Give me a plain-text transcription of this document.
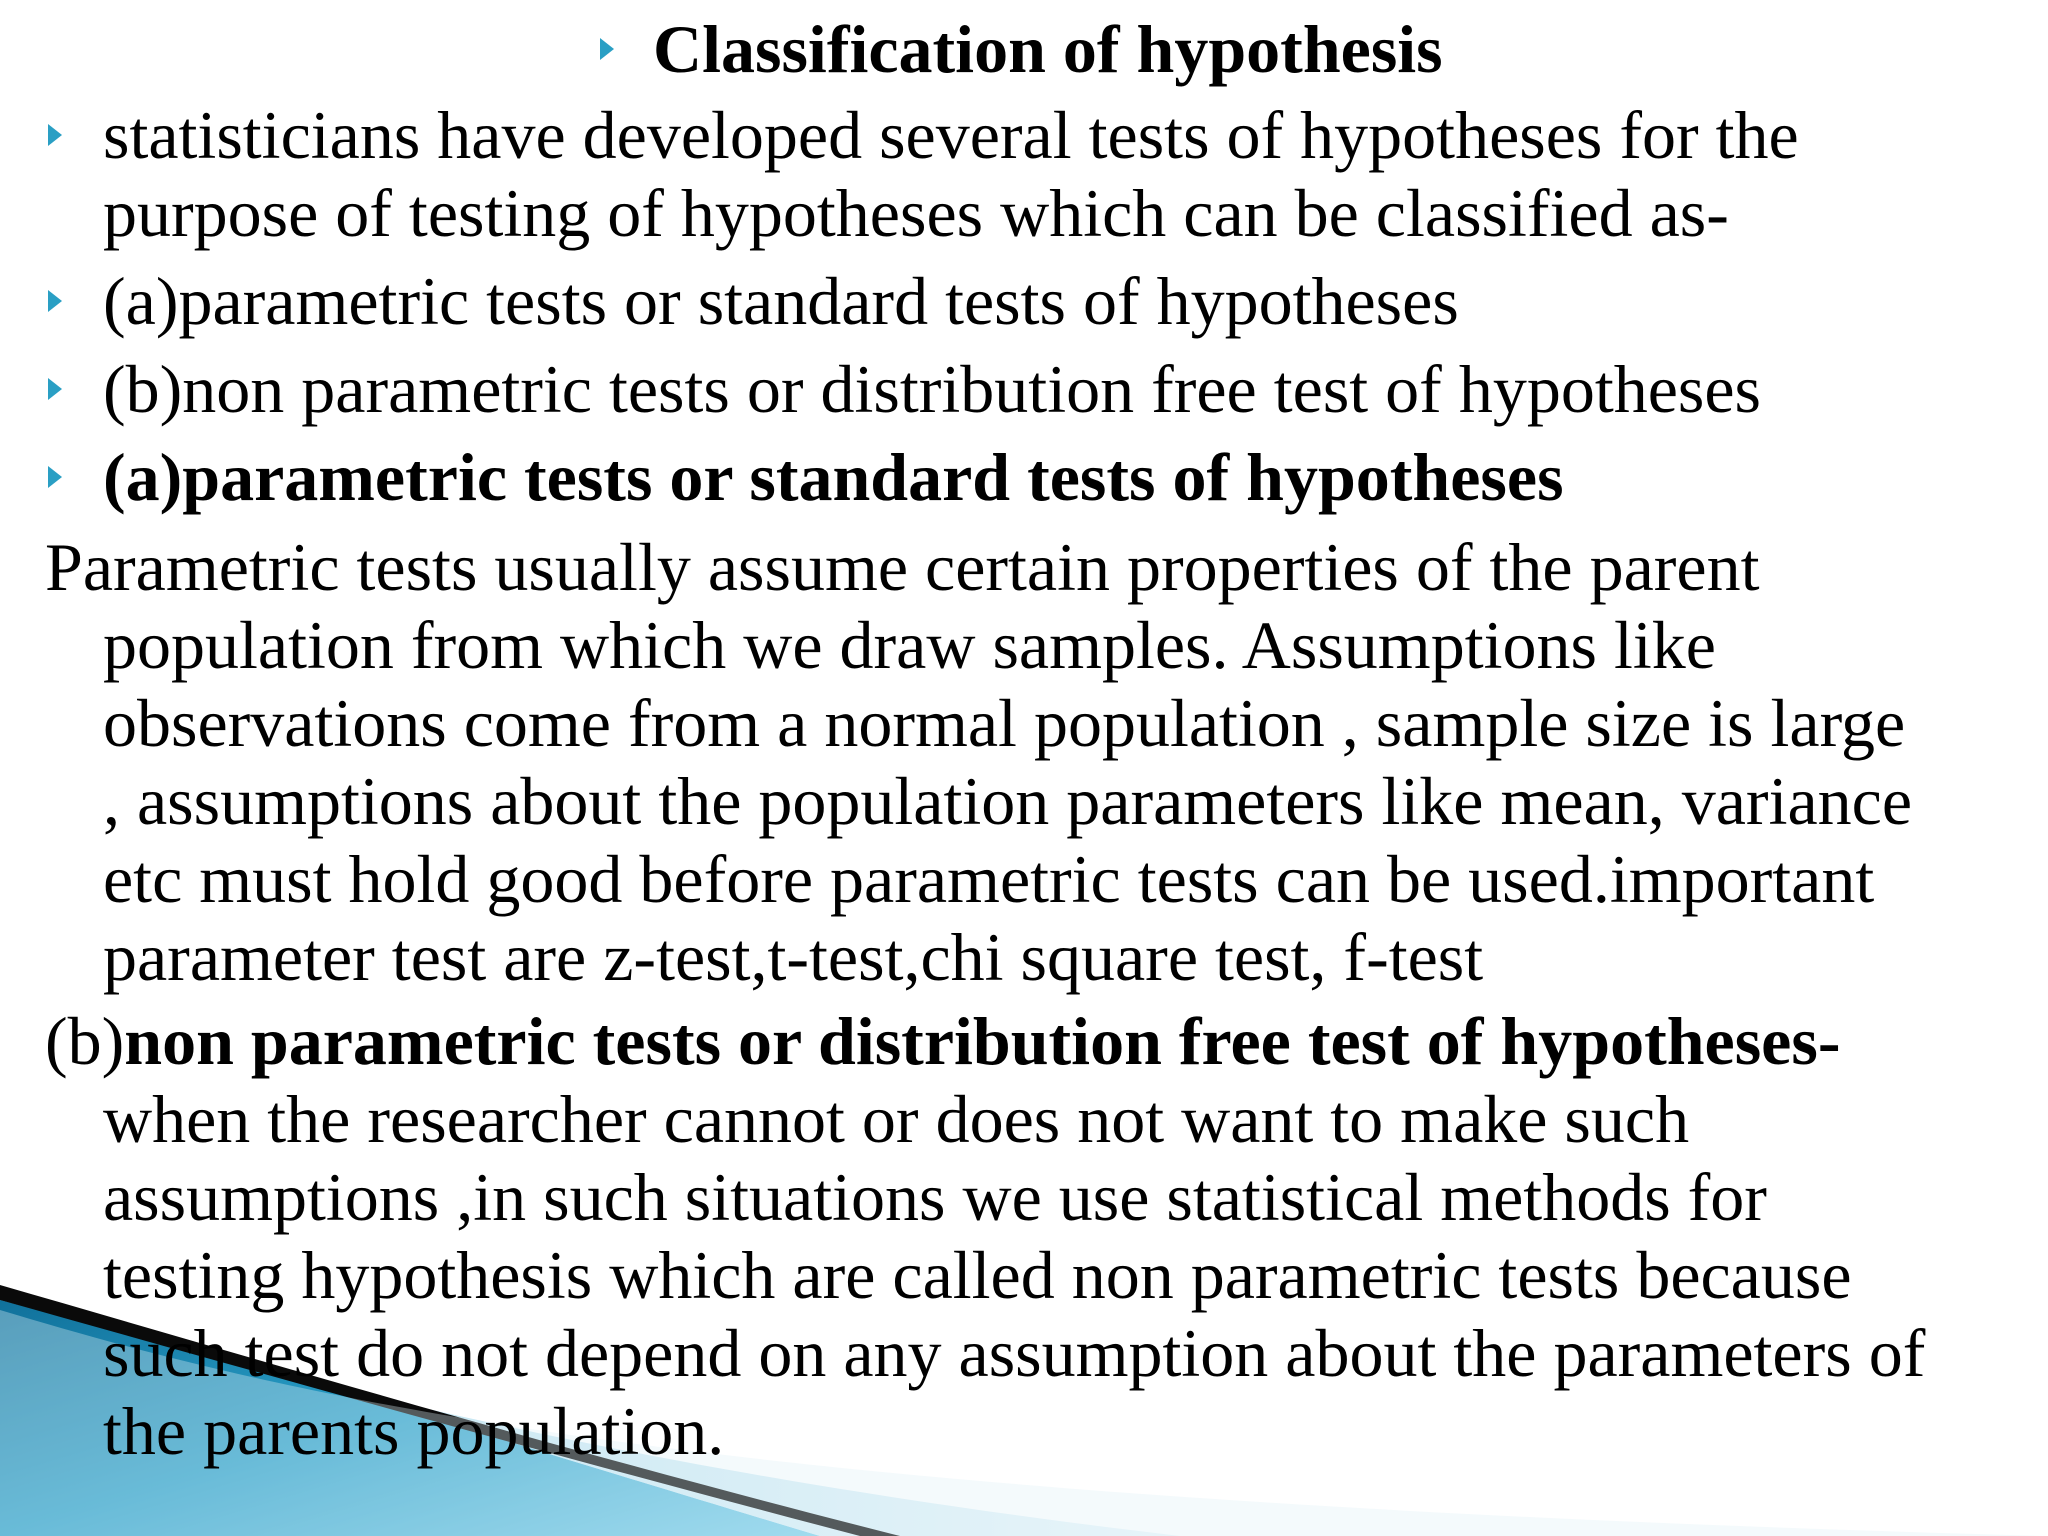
Classification of hypothesis
statisticians have developed several tests of hypotheses for the
purpose of testing of hypotheses which can be classified as-
(a)parametric tests or standard tests of hypotheses
(b)non parametric tests or distribution free test of hypotheses
(a)parametric tests or standard tests of hypotheses
Parametric tests usually assume certain properties of the parent
population from which we draw samples. Assumptions like
observations come from a normal population , sample size is large
, assumptions about the population parameters like mean, variance
etc must hold good before parametric tests can be used.important
parameter test are z-test,t-test,chi square test, f-test
(b)non parametric tests or distribution free test of hypotheses-
when the researcher cannot or does not want to make such
assumptions ,in such situations we use statistical methods for
testing hypothesis which are called non parametric tests because
such test do not depend on any assumption about the parameters of
the parents population.
